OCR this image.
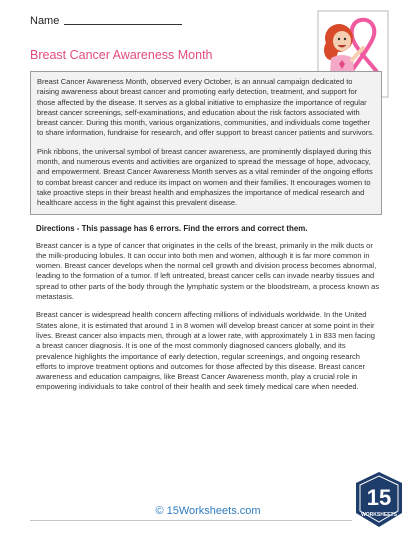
Name
Breast Cancer Awareness Month

Breast Cancer Awareness Month, observed every October, is an annual campaign dedicated to raising awareness about breast cancer and promoting early detection, treatment, and support for those affected by the disease. It serves as a global initiative to emphasize the importance of regular breast cancer screenings, self-examinations, and education about the risk factors associated with breast cancer. During this month, various organizations, communities, and individuals come together to share information, fundraise for research, and offer support to breast cancer patients and survivors.

Pink ribbons, the universal symbol of breast cancer awareness, are prominently displayed during this month, and numerous events and activities are organized to spread the message of hope, advocacy, and empowerment. Breast Cancer Awareness Month serves as a vital reminder of the ongoing efforts to combat breast cancer and reduce its impact on women and their families. It encourages women to take proactive steps in their breast health and emphasizes the importance of medical research and healthcare access in the fight against this prevalent disease.

Directions - This passage has 6 errors. Find the errors and correct them.

Breast cancer is a type of cancer that originates in the cells of the breast, primarily in the milk ducts or the milk-producing lobules. It can occur into both men and women, although it is far more common in women. Breast cancer develops when the normal cell growth and division process becomes abnormal, leading to the formation of a tumor. If left untreated, breast cancer cells can invade nearby tissues and spread to other parts of the body through the lymphatic system or the bloodstream, a process known as metastasis.

Breast cancer is widespread health concern affecting millions of individuals worldwide. In the United States alone, it is estimated that around 1 in 8 women will develop breast cancer at some point in their lives. Breast cancer also impacts men, through at a lower rate, with approximately 1 in 833 men facing a breast cancer diagnosis. It is one of the most commonly diagnosed cancers globally, and its prevalence highlights the importance of early detection, regular screenings, and ongoing research efforts to improve treatment options and outcomes for those affected by this disease. Breast cancer awareness and education campaigns, like Breast Cancer Awareness month, play a crucial role in empowering individuals to take control of their health and seek timely medical care when needed.

© 15Worksheets.com
15
WORKSHEETS
